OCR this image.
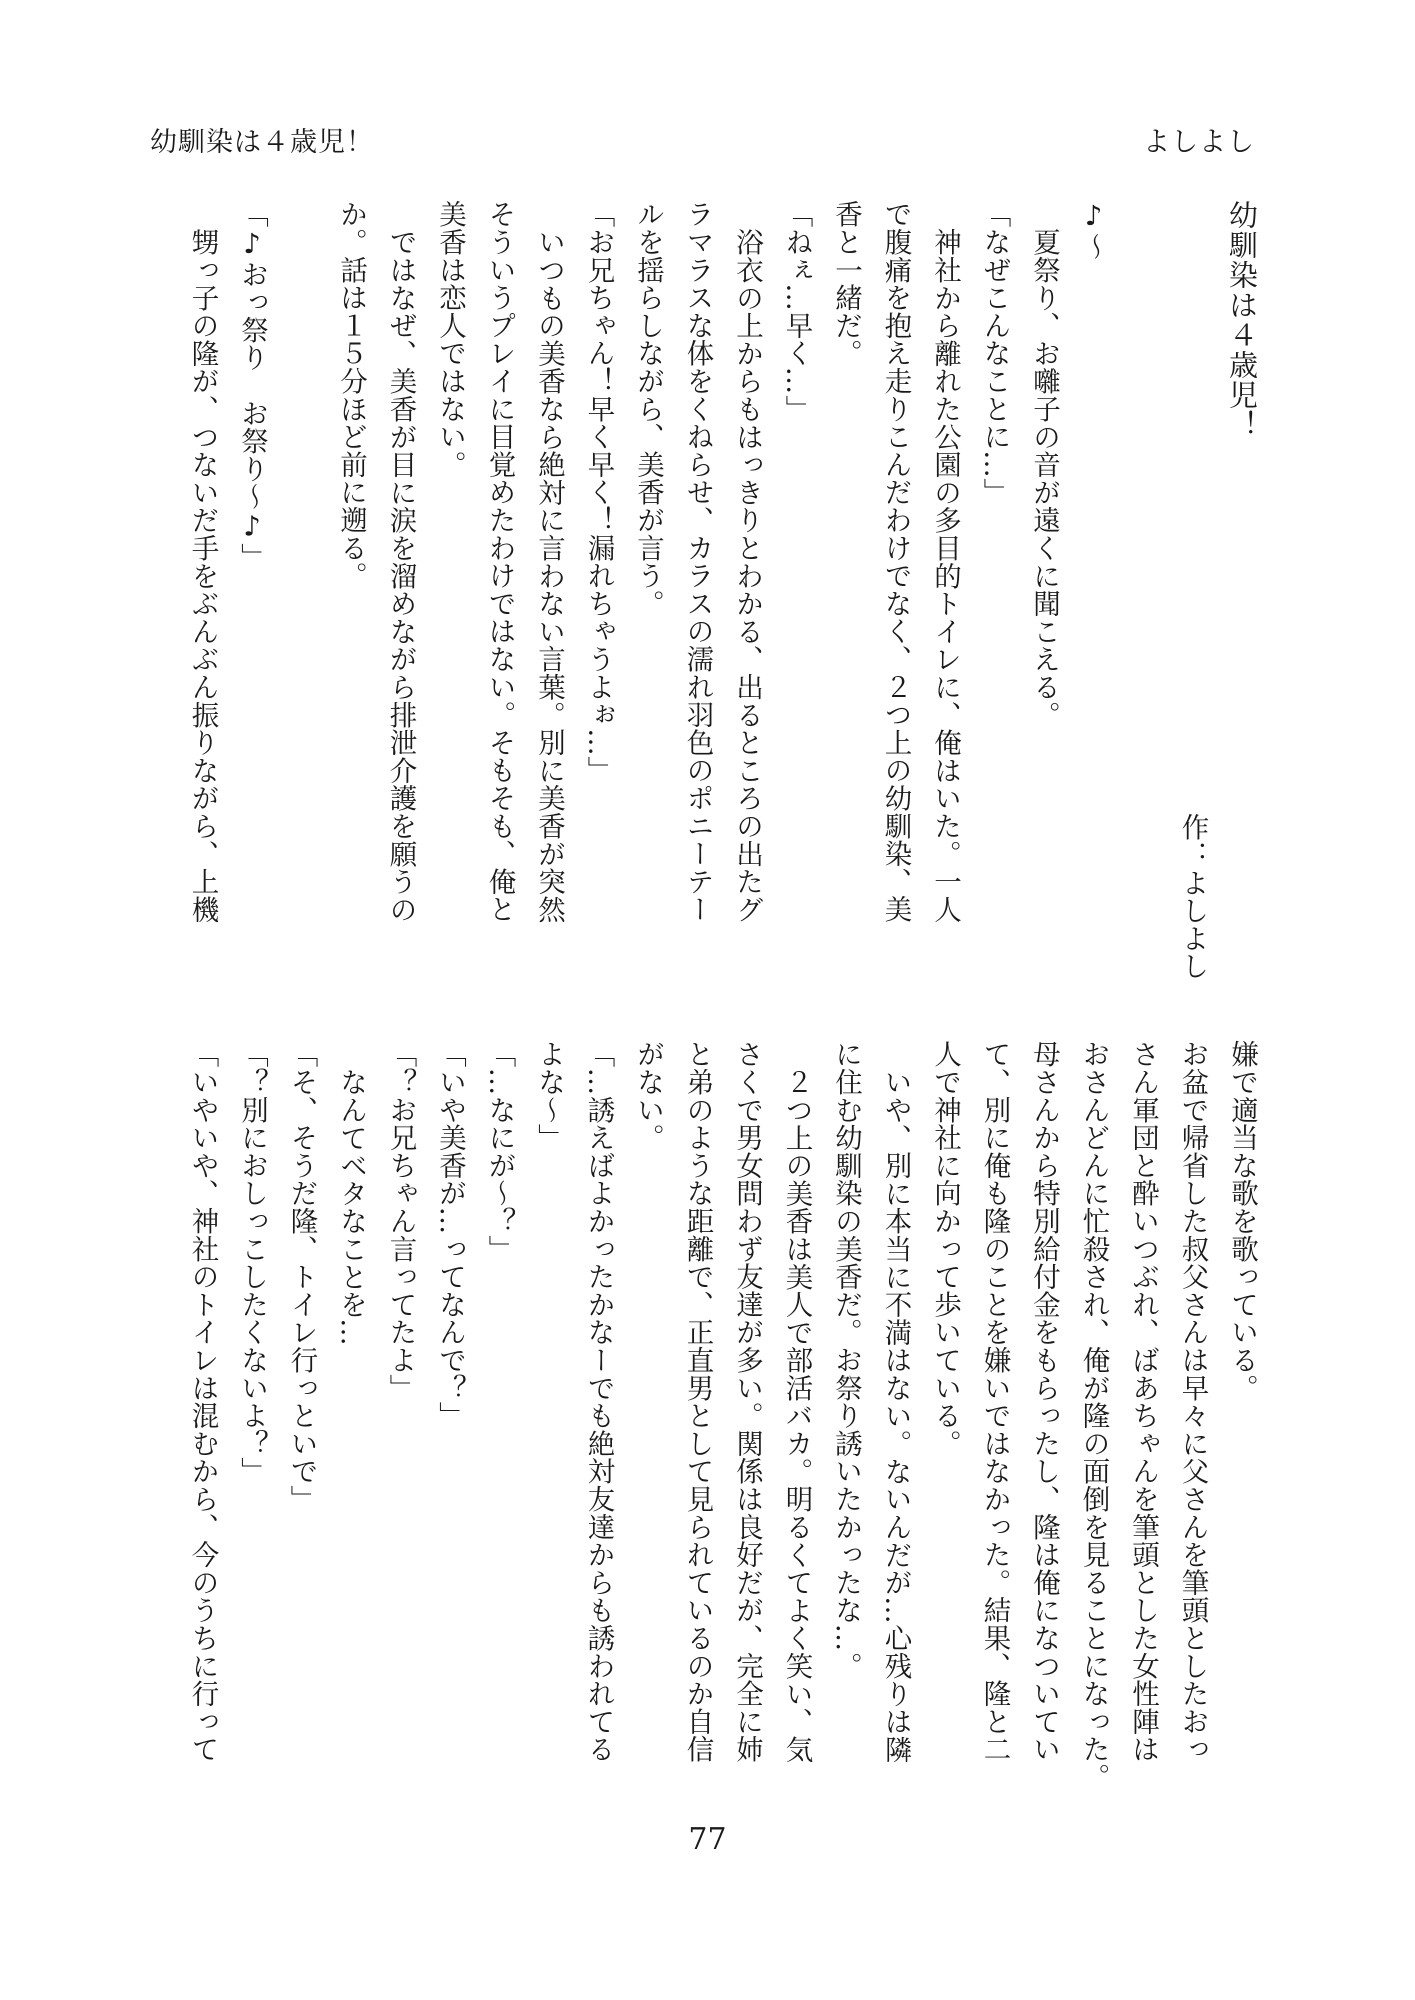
幼馴染は４歳児！	よしよし
幼馴染は４歳児！
作：よしよし
♪～
夏祭り、お囃子の音が遠くに聞こえる。
「なぜこんなことに…」
神社から離れた公園の多目的トイレに、俺はいた。一人
で腹痛を抱え走りこんだわけでなく、２つ上の幼馴染、美
香と一緒だ。
「ねぇ…早く…」
浴衣の上からもはっきりとわかる、出るところの出たグ
ラマラスな体をくねらせ、カラスの濡れ羽色のポニーテー
ルを揺らしながら、美香が言う。
「お兄ちゃん！早く早く！漏れちゃうよぉ…」
いつもの美香なら絶対に言わない言葉。別に美香が突然
そういうプレイに目覚めたわけではない。そもそも、俺と
美香は恋人ではない。
ではなぜ、美香が目に涙を溜めながら排泄介護を願うの
か。話は１５分ほど前に遡る。
「♪おっ祭り　お祭り～♪」
甥っ子の隆が、つないだ手をぶんぶん振りながら、上機
嫌で適当な歌を歌っている。
お盆で帰省した叔父さんは早々に父さんを筆頭としたおっ
さん軍団と酔いつぶれ、ばあちゃんを筆頭とした女性陣は
おさんどんに忙殺され、俺が隆の面倒を見ることになった。
母さんから特別給付金をもらったし、隆は俺になついてい
て、別に俺も隆のことを嫌いではなかった。結果、隆と二
人で神社に向かって歩いている。
いや、別に本当に不満はない。ないんだが…心残りは隣
に住む幼馴染の美香だ。お祭り誘いたかったな…。
２つ上の美香は美人で部活バカ。明るくてよく笑い、気
さくで男女問わず友達が多い。関係は良好だが、完全に姉
と弟のような距離で、正直男として見られているのか自信
がない。
「…誘えばよかったかなーでも絶対友達からも誘われてる
よな～」
「…なにが～？」
「いや美香が…ってなんで？」
「？お兄ちゃん言ってたよ」
なんてベタなことを…
「そ、そうだ隆、トイレ行っといで」
「？別におしっこしたくないよ？」
「いやいや、神社のトイレは混むから、今のうちに行って
77
